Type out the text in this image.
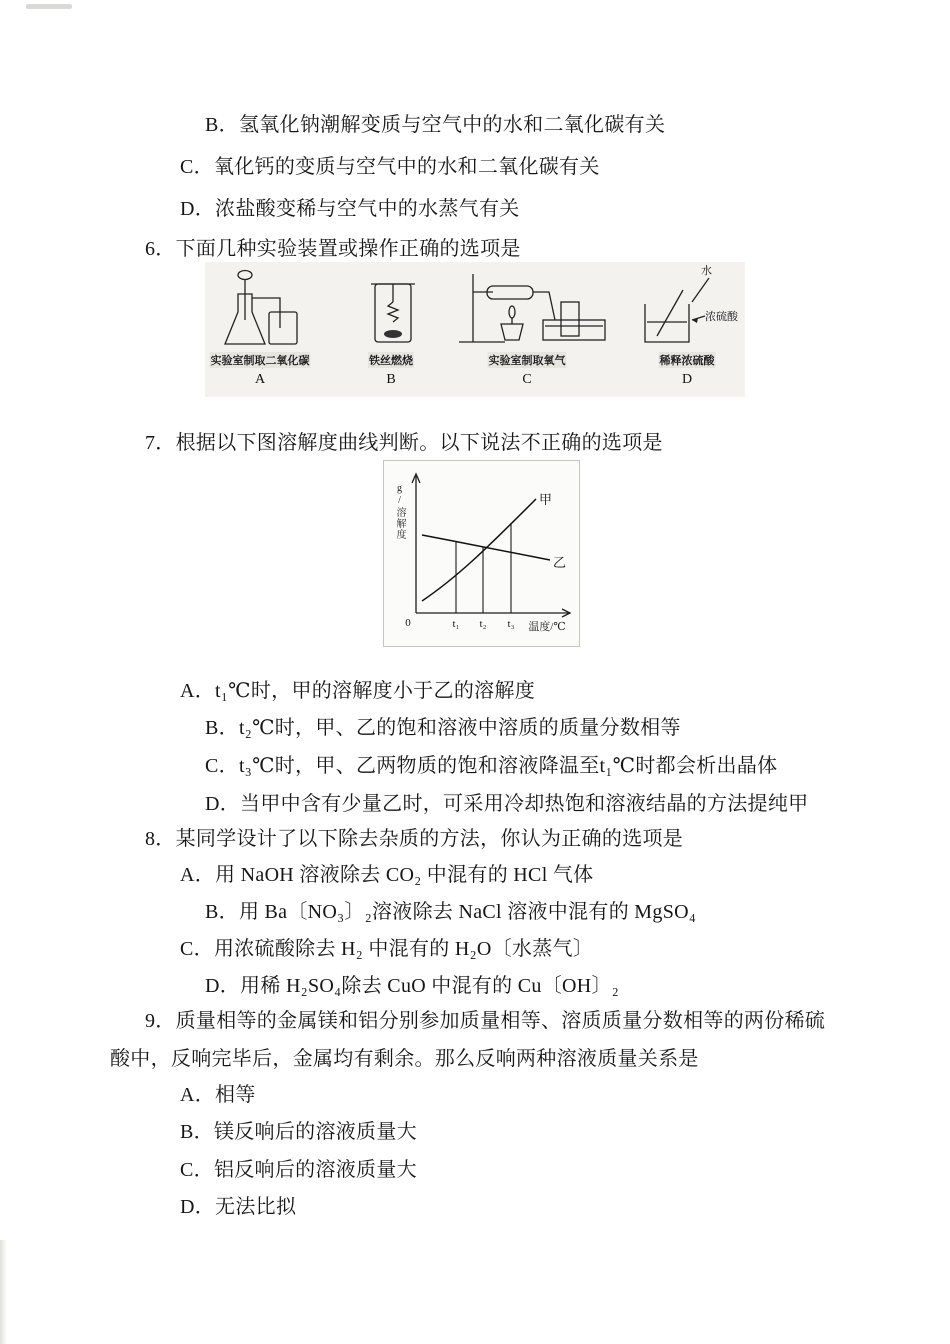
B．氢氧化钠潮解变质与空气中的水和二氧化碳有关
C．氧化钙的变质与空气中的水和二氧化碳有关
D．浓盐酸变稀与空气中的水蒸气有关
6．下面几种实验装置或操作正确的选项是
水
浓硫酸
实验室制取二氧化碳	铁丝燃烧	实验室制取氧气	稀释浓硫酸
A	B	C	D
7．根据以下图溶解度曲线判断。以下说法不正确的选项是
g/溶解度
0	t₁ t₂ t₃ 温度/℃
甲
乙
A．t₁℃时，甲的溶解度小于乙的溶解度
B．t₂℃时，甲、乙的饱和溶液中溶质的质量分数相等
C．t₃℃时，甲、乙两物质的饱和溶液降温至t₁℃时都会析出晶体
D．当甲中含有少量乙时，可采用冷却热饱和溶液结晶的方法提纯甲
8．某同学设计了以下除去杂质的方法，你认为正确的选项是
A．用 NaOH 溶液除去 CO₂ 中混有的 HCl 气体
B．用 Ba〔NO₃〕₂溶液除去 NaCl 溶液中混有的 MgSO₄
C．用浓硫酸除去 H₂ 中混有的 H₂O〔水蒸气〕
D．用稀 H₂SO₄除去 CuO 中混有的 Cu〔OH〕₂
9．质量相等的金属镁和铝分别参加质量相等、溶质质量分数相等的两份稀硫
酸中，反响完毕后，金属均有剩余。那么反响两种溶液质量关系是
A．相等
B．镁反响后的溶液质量大
C．铝反响后的溶液质量大
D．无法比拟
